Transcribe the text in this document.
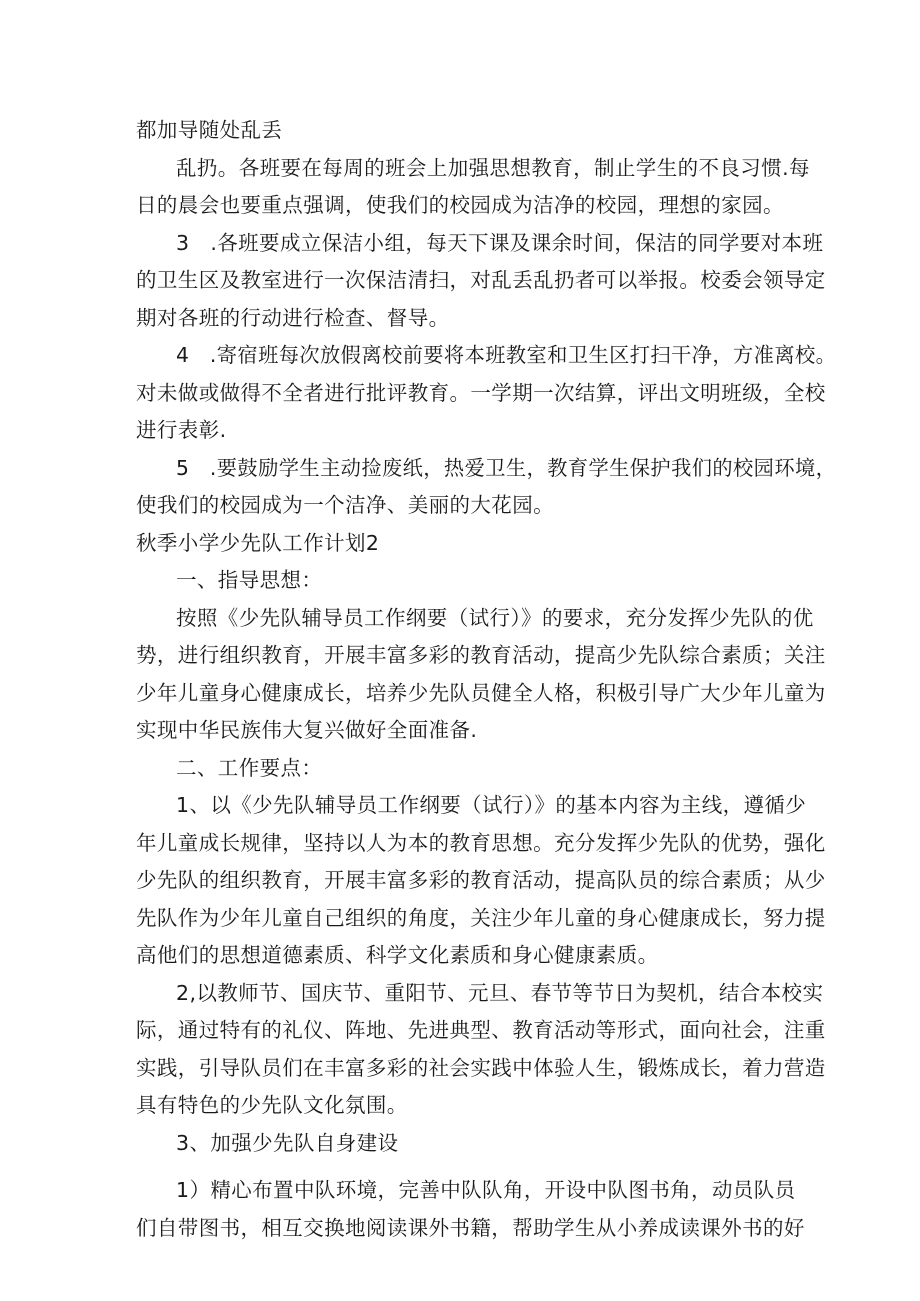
都加导随处乱丢
乱扔。各班要在每周的班会上加强思想教育，制止学生的不良习惯.每
日的晨会也要重点强调，使我们的校园成为洁净的校园，理想的家园。
3　.各班要成立保洁小组，每天下课及课余时间，保洁的同学要对本班
的卫生区及教室进行一次保洁清扫，对乱丢乱扔者可以举报。校委会领导定
期对各班的行动进行检查、督导。
4　.寄宿班每次放假离校前要将本班教室和卫生区打扫干净，方准离校。
对未做或做得不全者进行批评教育。一学期一次结算，评出文明班级，全校
进行表彰.
5　.要鼓励学生主动捡废纸，热爱卫生，教育学生保护我们的校园环境，
使我们的校园成为一个洁净、美丽的大花园。
秋季小学少先队工作计划2
一、指导思想：
按照《少先队辅导员工作纲要（试行）》的要求，充分发挥少先队的优
势，进行组织教育，开展丰富多彩的教育活动，提高少先队综合素质；关注
少年儿童身心健康成长，培养少先队员健全人格，积极引导广大少年儿童为
实现中华民族伟大复兴做好全面准备.
二、工作要点：
1、以《少先队辅导员工作纲要（试行）》的基本内容为主线，遵循少
年儿童成长规律，坚持以人为本的教育思想。充分发挥少先队的优势，强化
少先队的组织教育，开展丰富多彩的教育活动，提高队员的综合素质；从少
先队作为少年儿童自己组织的角度，关注少年儿童的身心健康成长，努力提
高他们的思想道德素质、科学文化素质和身心健康素质。
2,以教师节、国庆节、重阳节、元旦、春节等节日为契机，结合本校实
际，通过特有的礼仪、阵地、先进典型、教育活动等形式，面向社会，注重
实践，引导队员们在丰富多彩的社会实践中体验人生，锻炼成长，着力营造
具有特色的少先队文化氛围。
3、加强少先队自身建设
1）精心布置中队环境，完善中队队角，开设中队图书角，动员队员
们自带图书，相互交换地阅读课外书籍，帮助学生从小养成读课外书的好
